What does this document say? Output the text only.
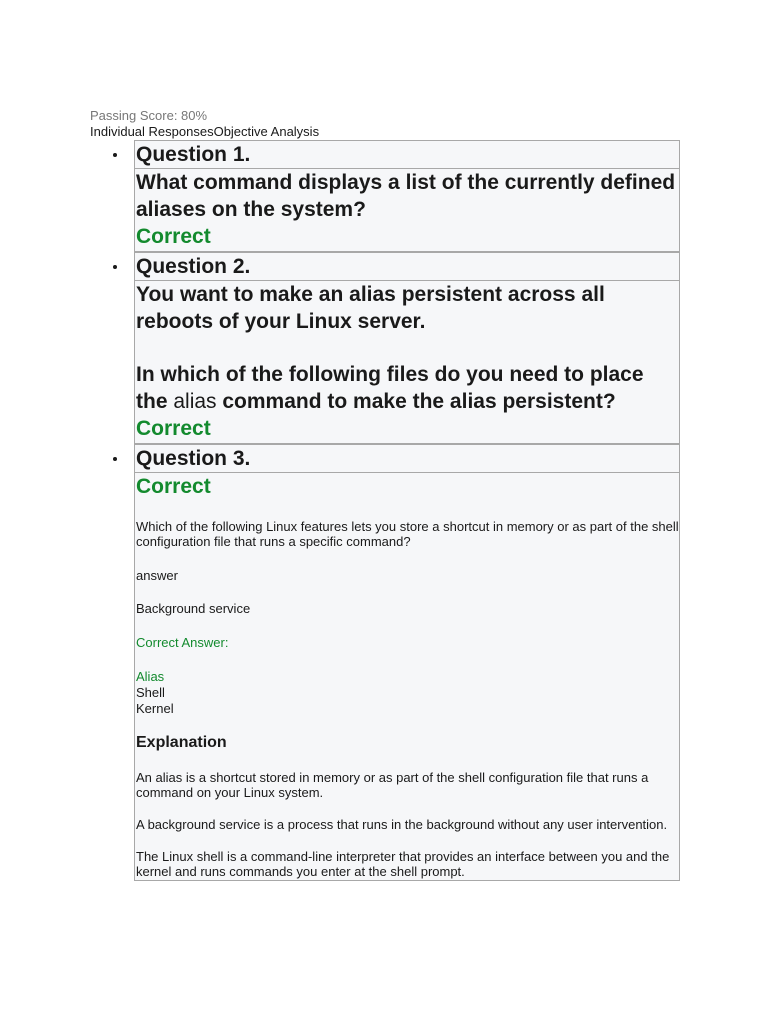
Passing Score: 80%
Individual ResponsesObjective Analysis
Question 1.

What command displays a list of the currently defined aliases on the system?

Correct
Question 2.

You want to make an alias persistent across all reboots of your Linux server.

In which of the following files do you need to place the alias command to make the alias persistent?

Correct
Question 3.
Correct

Which of the following Linux features lets you store a shortcut in memory or as part of the shell configuration file that runs a specific command?

answer

Background service

Correct Answer:

Alias

Shell

Kernel

Explanation

An alias is a shortcut stored in memory or as part of the shell configuration file that runs a command on your Linux system.

A background service is a process that runs in the background without any user intervention.

The Linux shell is a command-line interpreter that provides an interface between you and the kernel and runs commands you enter at the shell prompt.
